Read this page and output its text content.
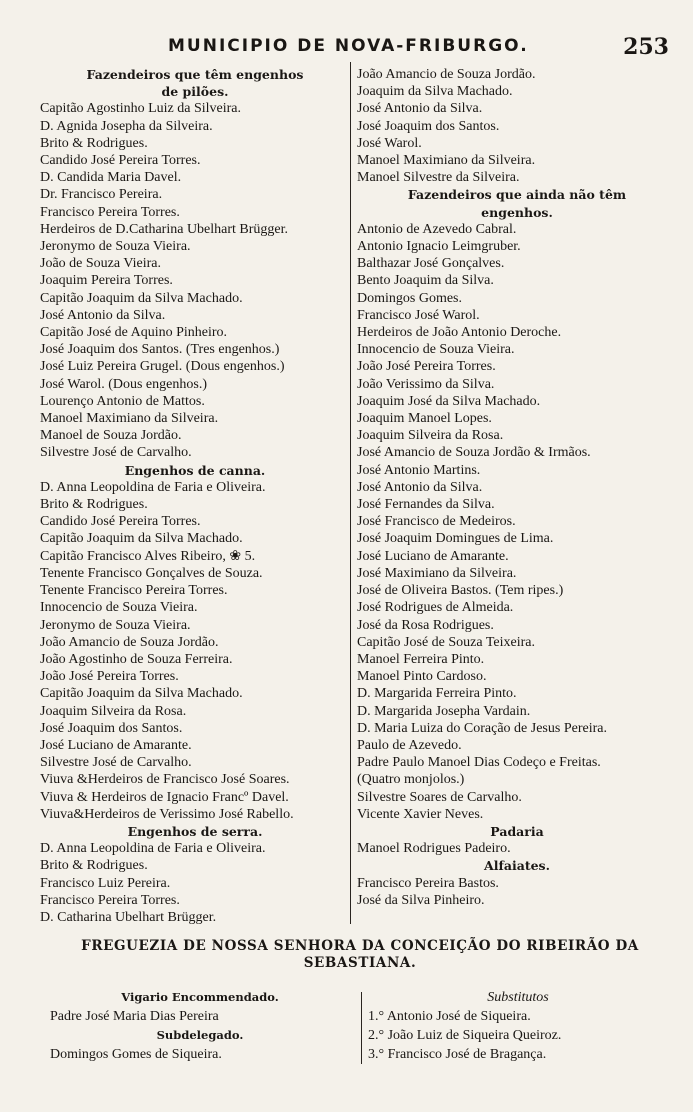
MUNICIPIO DE NOVA-FRIBURGO.	253
Fazendeiros que têm engenhos
de pilões.
Capitão Agostinho Luiz da Silveira.
D. Agnida Josepha da Silveira.
Brito & Rodrigues.
Candido José Pereira Torres.
D. Candida Maria Davel.
Dr. Francisco Pereira.
Francisco Pereira Torres.
Herdeiros de D.Catharina Ubelhart Brügger.
Jeronymo de Souza Vieira.
João de Souza Vieira.
Joaquim Pereira Torres.
Capitão Joaquim da Silva Machado.
José Antonio da Silva.
Capitão José de Aquino Pinheiro.
José Joaquim dos Santos. (Tres engenhos.)
José Luiz Pereira Grugel. (Dous engenhos.)
José Warol. (Dous engenhos.)
Lourenço Antonio de Mattos.
Manoel Maximiano da Silveira.
Manoel de Souza Jordão.
Silvestre José de Carvalho.
Engenhos de canna.
D. Anna Leopoldina de Faria e Oliveira.
Brito & Rodrigues.
Candido José Pereira Torres.
Capitão Joaquim da Silva Machado.
Capitão Francisco Alves Ribeiro, ❀ 5.
Tenente Francisco Gonçalves de Souza.
Tenente Francisco Pereira Torres.
Innocencio de Souza Vieira.
Jeronymo de Souza Vieira.
João Amancio de Souza Jordão.
João Agostinho de Souza Ferreira.
João José Pereira Torres.
Capitão Joaquim da Silva Machado.
Joaquim Silveira da Rosa.
José Joaquim dos Santos.
José Luciano de Amarante.
Silvestre José de Carvalho.
Viuva &Herdeiros de Francisco José Soares.
Viuva & Herdeiros de Ignacio Francº Davel.
Viuva&Herdeiros de Verissimo José Rabello.
Engenhos de serra.
D. Anna Leopoldina de Faria e Oliveira.
Brito & Rodrigues.
Francisco Luiz Pereira.
Francisco Pereira Torres.
D. Catharina Ubelhart Brügger.
João Amancio de Souza Jordão.
Joaquim da Silva Machado.
José Antonio da Silva.
José Joaquim dos Santos.
José Warol.
Manoel Maximiano da Silveira.
Manoel Silvestre da Silveira.
Fazendeiros que ainda não têm
engenhos.
Antonio de Azevedo Cabral.
Antonio Ignacio Leimgruber.
Balthazar José Gonçalves.
Bento Joaquim da Silva.
Domingos Gomes.
Francisco José Warol.
Herdeiros de João Antonio Deroche.
Innocencio de Souza Vieira.
João José Pereira Torres.
João Verissimo da Silva.
Joaquim José da Silva Machado.
Joaquim Manoel Lopes.
Joaquim Silveira da Rosa.
José Amancio de Souza Jordão & Irmãos.
José Antonio Martins.
José Antonio da Silva.
José Fernandes da Silva.
José Francisco de Medeiros.
José Joaquim Domingues de Lima.
José Luciano de Amarante.
José Maximiano da Silveira.
José de Oliveira Bastos. (Tem ripes.)
José Rodrigues de Almeida.
José da Rosa Rodrigues.
Capitão José de Souza Teixeira.
Manoel Ferreira Pinto.
Manoel Pinto Cardoso.
D. Margarida Ferreira Pinto.
D. Margarida Josepha Vardain.
D. Maria Luiza do Coração de Jesus Pereira.
Paulo de Azevedo.
Padre Paulo Manoel Dias Codeço e Freitas.
(Quatro monjolos.)
Silvestre Soares de Carvalho.
Vicente Xavier Neves.
Padaria
Manoel Rodrigues Padeiro.
Alfaiates.
Francisco Pereira Bastos.
José da Silva Pinheiro.
FREGUEZIA DE NOSSA SENHORA DA CONCEIÇÃO DO RIBEIRÃO DA
SEBASTIANA.
Vigario Encommendado.
Padre José Maria Dias Pereira
Subdelegado.
Domingos Gomes de Siqueira.
Substitutos
1.° Antonio José de Siqueira.
2.° João Luiz de Siqueira Queiroz.
3.° Francisco José de Bragança.
